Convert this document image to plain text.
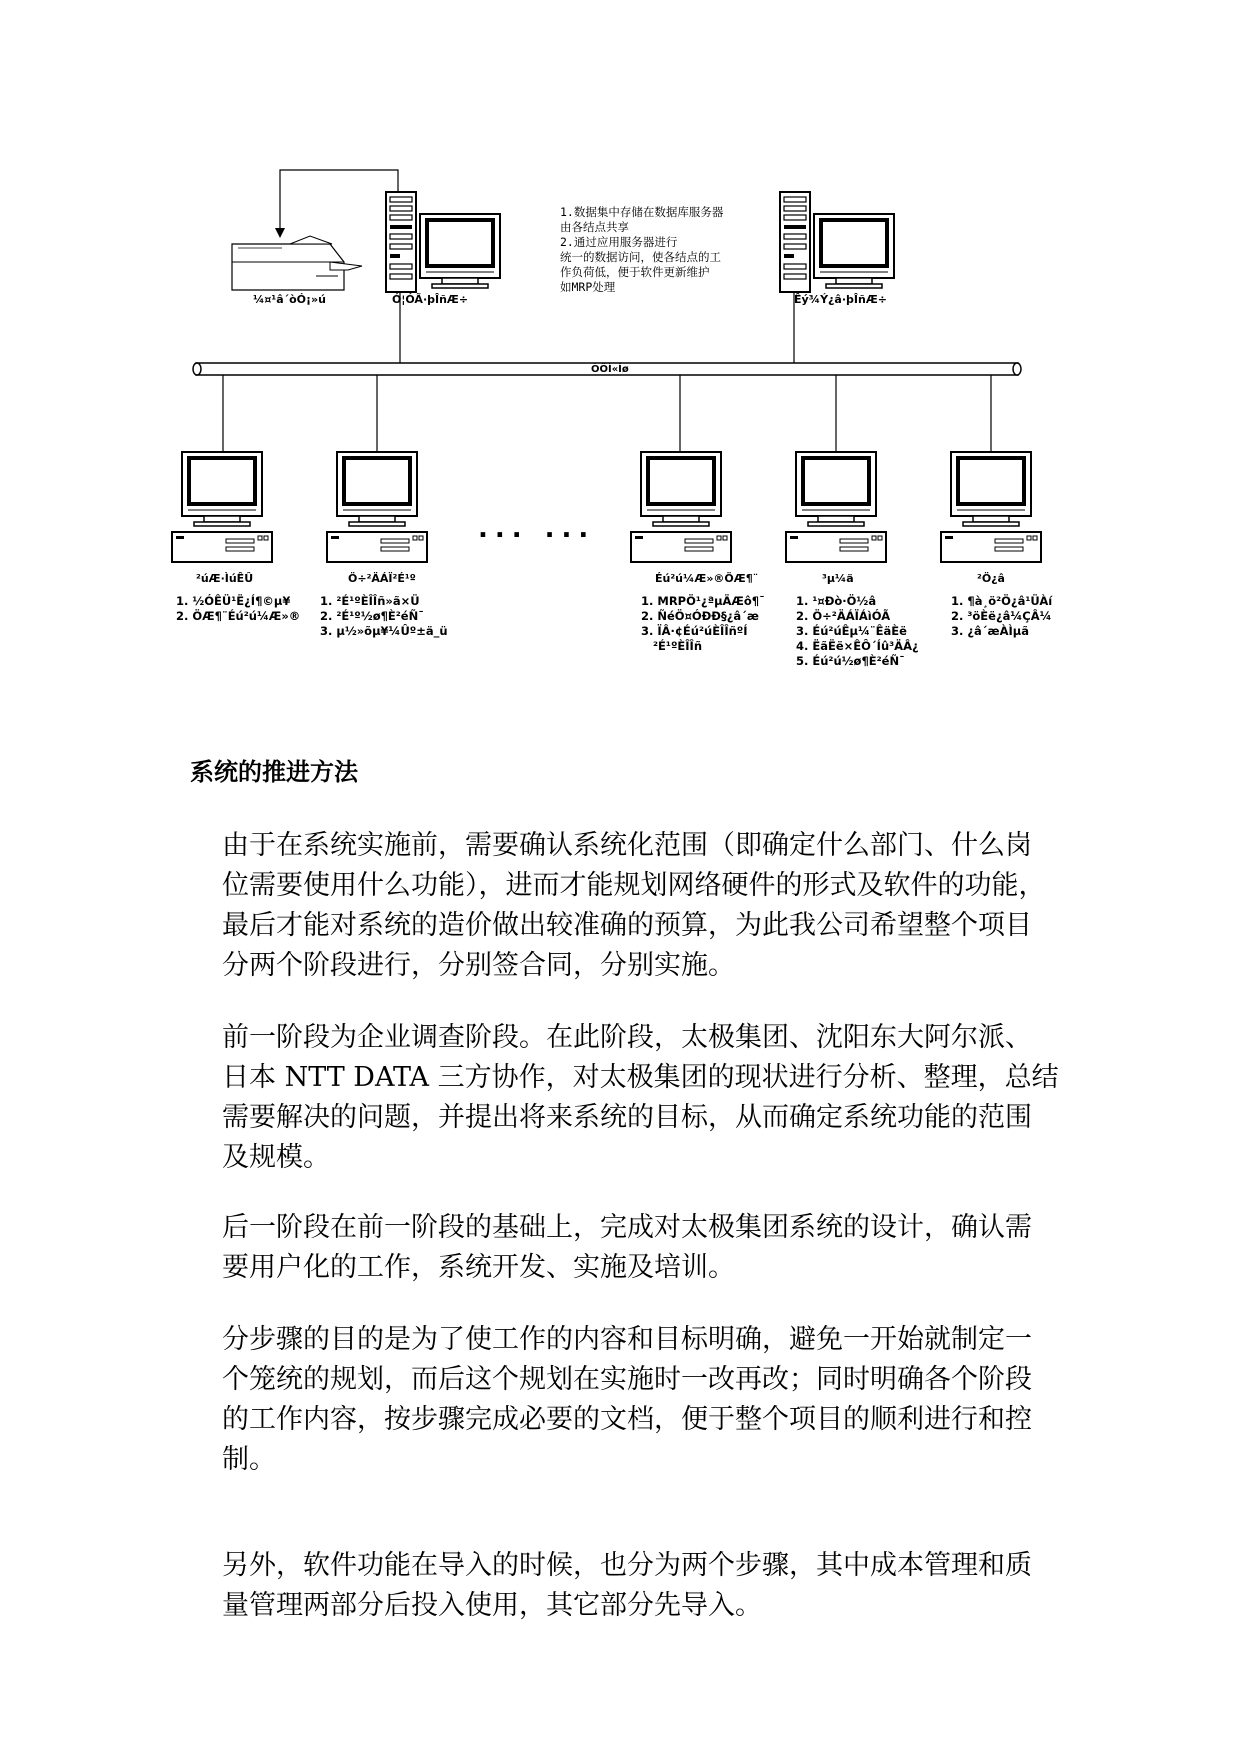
¼¤¹â´òÓ¡»ú	Ó¦ÓÃ·þÎñÆ÷	Êý¾Ý¿â·þÎñÆ÷
ÒÔÌ«Íø
1.数据集中存储在数据库服务器
由各结点共享
2.通过应用服务器进行
统一的数据访问，使各结点的工
作负荷低，便于软件更新维护
如MRP处理
... ...
²úÆ·ÌúÊÛ	Ö÷²ÄÁÏ²É¹º	Éú²ú¼Æ»®ÖÆ¶¨	³µ¼ä	²Ö¿â
1. ½ÓÊÜ¹Ë¿Í¶©µ¥
2. ÖÆ¶¨Éú²ú¼Æ»®
1. ²É¹ºÈÎÎñ»ã×Ü
2. ²É¹º½ø¶È²éÑ¯
3. µ½»õµ¥¼Ûº±ä_ü
1. MRPÖ¹¿ªµÄÆô¶¯
2. ÑéÖ¤ÓÐÐ§¿â´æ
3. ÏÂ·¢Éú²úÈÎÎñºÍ
²É¹ºÈÎÎñ
1. ¹¤Ðò·Ö½â
2. Ö÷²ÄÁÏÁìÓÃ
3. Éú²úÊµ¼¨ÊäÈë
4. ËãËë×ÊÔ´Íû³ÄÂ¿
5. Éú²ú½ø¶È²éÑ¯
1. ¶à¸ö²Ö¿â¹ÜÀí
2. ³öÈë¿â¼ÇÂ¼
3. ¿â´æÀÌµã
系统的推进方法
由于在系统实施前，需要确认系统化范围（即确定什么部门、什么岗
位需要使用什么功能），进而才能规划网络硬件的形式及软件的功能，
最后才能对系统的造价做出较准确的预算，为此我公司希望整个项目
分两个阶段进行，分别签合同，分别实施。
前一阶段为企业调查阶段。在此阶段，太极集团、沈阳东大阿尔派、
日本 NTT DATA 三方协作，对太极集团的现状进行分析、整理，总结
需要解决的问题，并提出将来系统的目标，从而确定系统功能的范围
及规模。
后一阶段在前一阶段的基础上，完成对太极集团系统的设计，确认需
要用户化的工作，系统开发、实施及培训。
分步骤的目的是为了使工作的内容和目标明确，避免一开始就制定一
个笼统的规划，而后这个规划在实施时一改再改；同时明确各个阶段
的工作内容，按步骤完成必要的文档，便于整个项目的顺利进行和控
制。
另外，软件功能在导入的时候，也分为两个步骤，其中成本管理和质
量管理两部分后投入使用，其它部分先导入。
